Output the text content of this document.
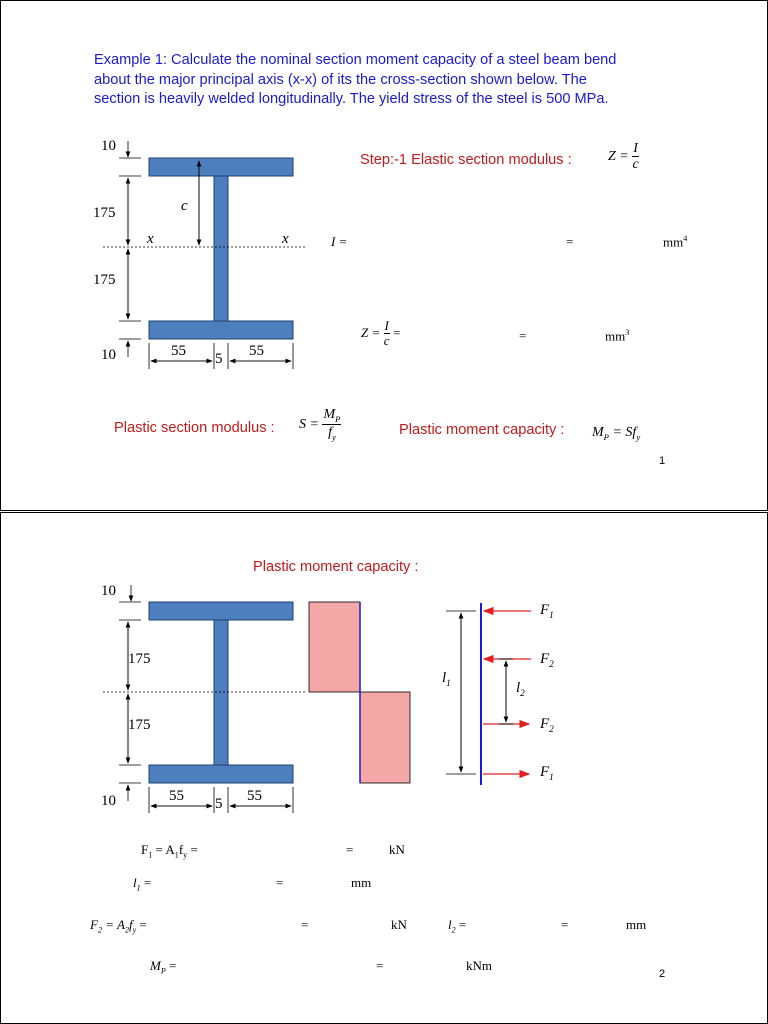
Example 1: Calculate the nominal section moment capacity of a steel beam bend
about the major principal axis (x-x) of its the cross-section shown below. The
section is heavily welded longitudinally. The yield stress of the steel is 500 MPa.
10
175
175
10	55 5 55
c
x	x
Step:-1 Elastic section modulus :	$Z = \frac{I}{c}$
I =	=	$mm^4$
$Z = \frac{I}{c}$ =	=	$mm^3$
Plastic section modulus : $S = \frac{M_P}{f_y}$	Plastic moment capacity : $M_P = Sf_y$
1
Plastic moment capacity :
10
175
175
10	55 5 55
$F_1$
$F_2$
$F_2$
$F_1$
$l_1$	$l_2$
$F_1 = A_1f_y$ =	=	kN
$l_1$ =	=	mm
$F_2 = A_2f_y$ =	=	kN	$l_2$ =	=	mm
$M_P$ =	=	kNm
2
